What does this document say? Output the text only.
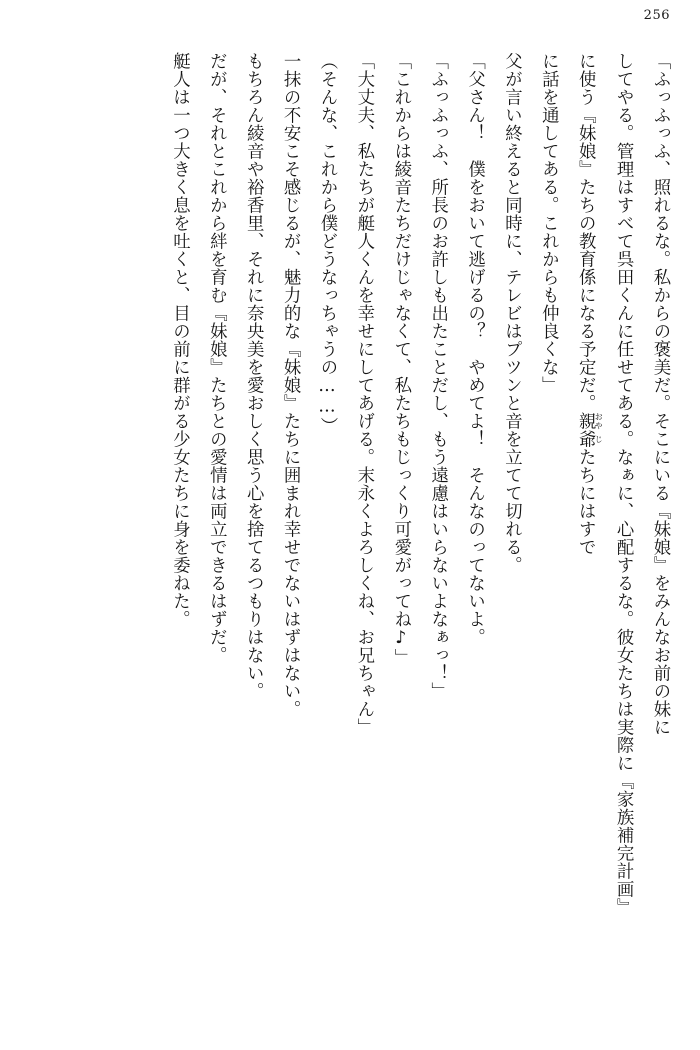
256

「ふっふっふ、照れるな。私からの褒美だ。そこにいる『妹娘』をみんなお前の妹に

してやる。管理はすべて呉田くんに任せてある。なぁに、心配するな。彼女たちは実際に『家族補完計画』

に使う『妹娘』たちの教育係になる予定だ。親 おや爺 じたちにはすで

に話を通してある。これからも仲良くな」

父が言い終えると同時に、テレビはプツンと音を立てて切れる。

「父さん！　僕をおいて逃げるの？　やめてよ！　そんなのってないよ。

「ふっふっふ、所長のお許しも出たことだし、もう遠慮はいらないよなぁっ！」

「これからは綾音たちだけじゃなくて、私たちもじっくり可愛がってね♪」

「大丈夫、私たちが艇人くんを幸せにしてあげる。末永くよろしくね、お兄ちゃん」

（そんな、これから僕どうなっちゃうの……）

一抹の不安こそ感じるが、魅力的な『妹娘』たちに囲まれ幸せでないはずはない。

もちろん綾音や裕香里、それに奈央美を愛おしく思う心を捨てるつもりはない。

だが、それとこれから絆を育む『妹娘』たちとの愛情は両立できるはずだ。

艇人は一つ大きく息を吐くと、目の前に群がる少女たちに身を委ねた。
